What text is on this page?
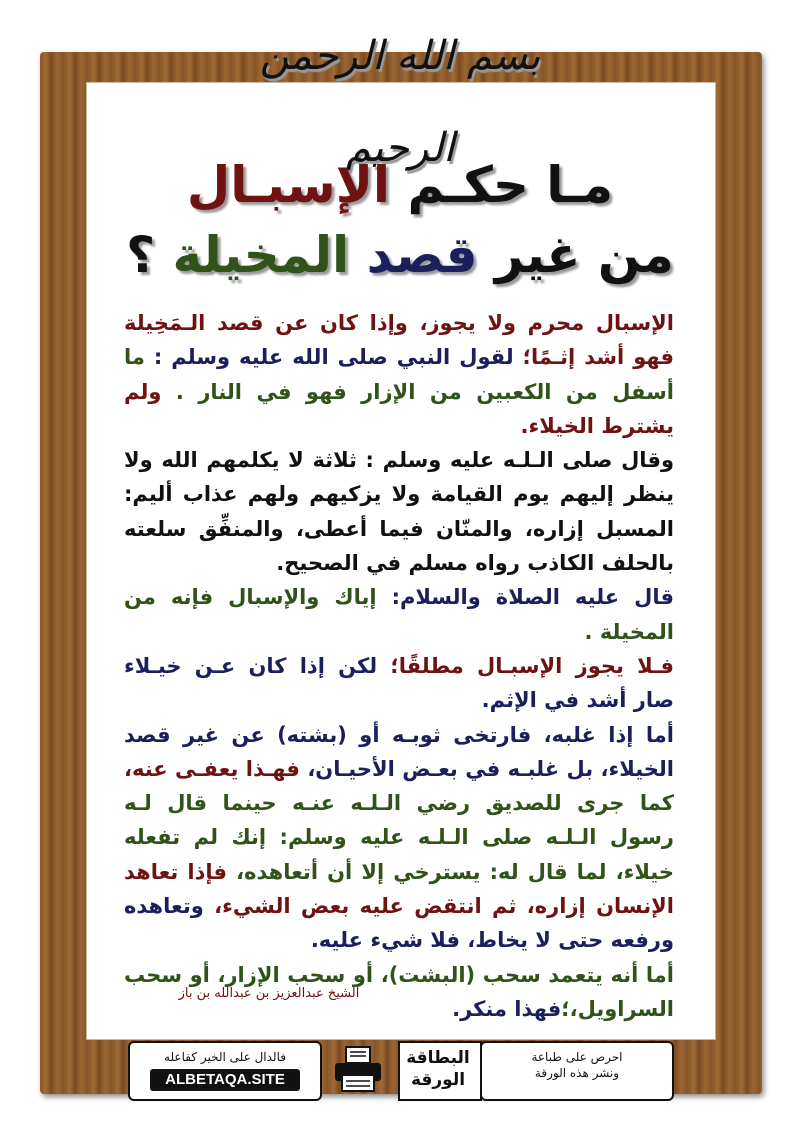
بسم الله الرحمن الرحيم
مـا حكـم الإسبـال
من غير قصد المخيلة ؟

الإسبال محرم ولا يجوز، وإذا كان عن قصد الـمَخِيلة فهو أشد إثـمًا؛ لقول النبي صلى الله عليه وسلم : ما أسفل من الكعبين من الإزار فهو في النار . ولم يشترط الخيلاء.

وقال صلى الـلـه عليه وسلم : ثلاثة لا يكلمهم الله ولا ينظر إليهم يوم القيامة ولا يزكيهم ولهم عذاب أليم: المسبل إزاره، والمنّان فيما أعطى، والمنفِّق سلعته بالحلف الكاذب رواه مسلم في الصحيح.

قال عليه الصلاة والسلام: إياك والإسبال فإنه من المخيلة .

فـلا يجوز الإسبـال مطلقًا؛ لكن إذا كان عـن خيـلاء صار أشد في الإثم.

أما إذا غلبه، فارتخى ثوبـه أو (بشته) عن غير قصد الخيلاء، بل غلبـه في بعـض الأحيـان، فهـذا يعفـى عنه، كما جرى للصديق رضي الـلـه عنـه حينما قال لـه رسول الـلـه صلى الـلـه عليه وسلم: إنك لم تفعله خيلاء، لما قال له: يسترخي إلا أن أتعاهده، فإذا تعاهد الإنسان إزاره، ثم انتقض عليه بعض الشيء، وتعاهده ورفعه حتى لا يخاط، فلا شيء عليه.

أما أنه يتعمد سحب (البشت)، أو سحب الإزار، أو سحب السراويل،؛فهذا منكر.

الشيخ عبدالعزيز بن عبدالله بن باز
فالدال على الخير كفاعله
ALBETAQA.SITE
البطاقة
الورقة
احرص على طباعة
ونشر هذه الورقة
